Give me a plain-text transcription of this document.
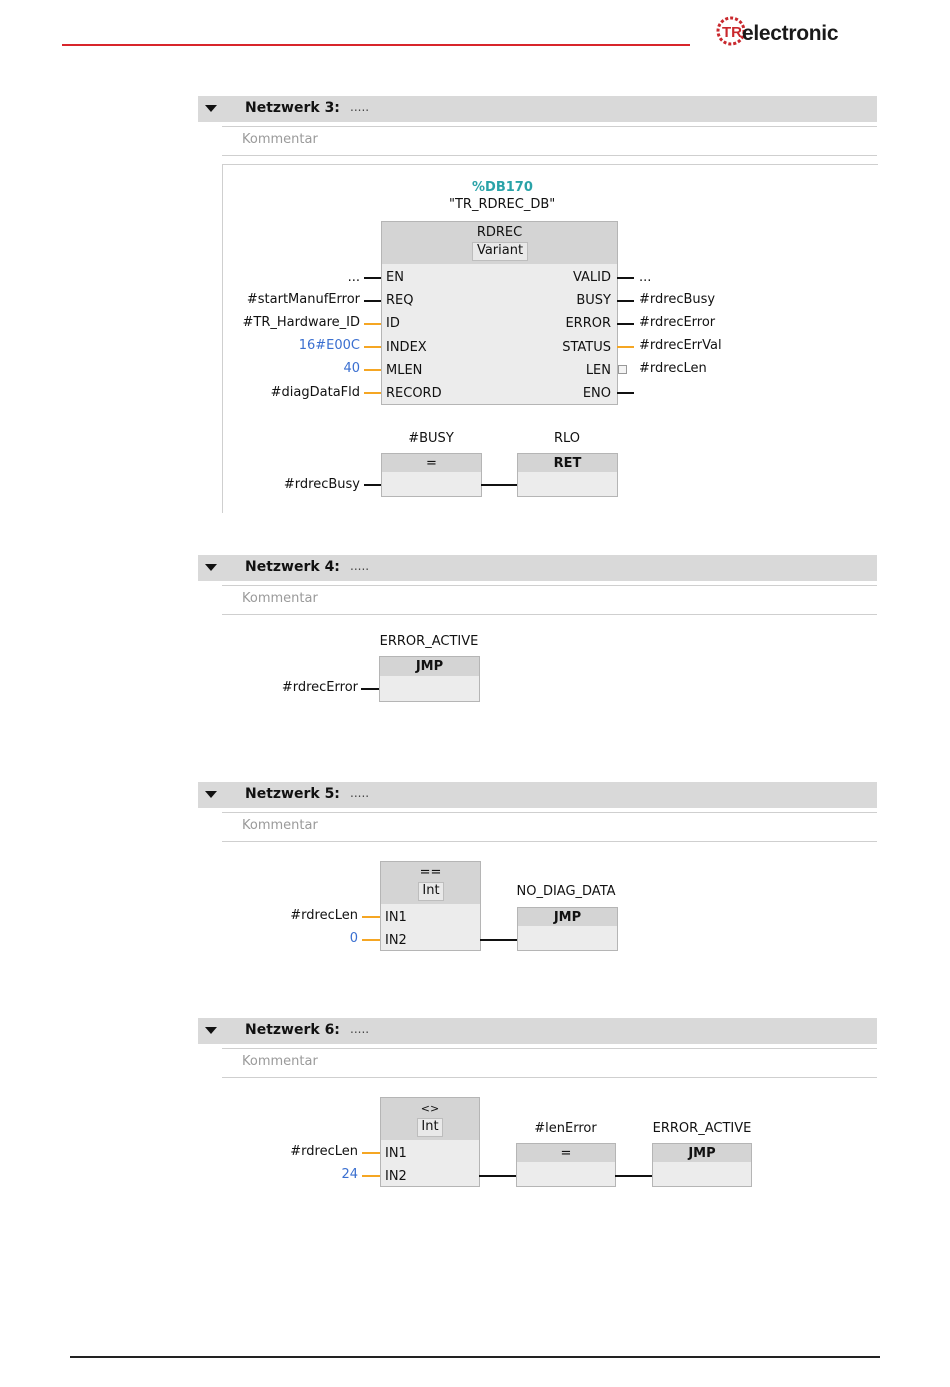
TR electronic
Netzwerk 3: .....
Kommentar
%DB170
"TR_RDREC_DB"
RDREC
Variant
EN
REQ
ID
INDEX
MLEN
RECORD
VALID
BUSY
ERROR
STATUS
LEN
ENO
...
#startManufError
#TR_Hardware_ID
16#E00C
40
#diagDataFld
...
#rdrecBusy
#rdrecError
#rdrecErrVal
#rdrecLen
#BUSY
=
RLO
RET
#rdrecBusy
Netzwerk 4: .....
Kommentar
ERROR_ACTIVE
JMP
#rdrecError
Netzwerk 5: .....
Kommentar
==
Int
IN1
IN2
#rdrecLen
0
NO_DIAG_DATA
JMP
Netzwerk 6: .....
Kommentar
<>
Int
IN1
IN2
#rdrecLen
24
#lenError
=
ERROR_ACTIVE
JMP
